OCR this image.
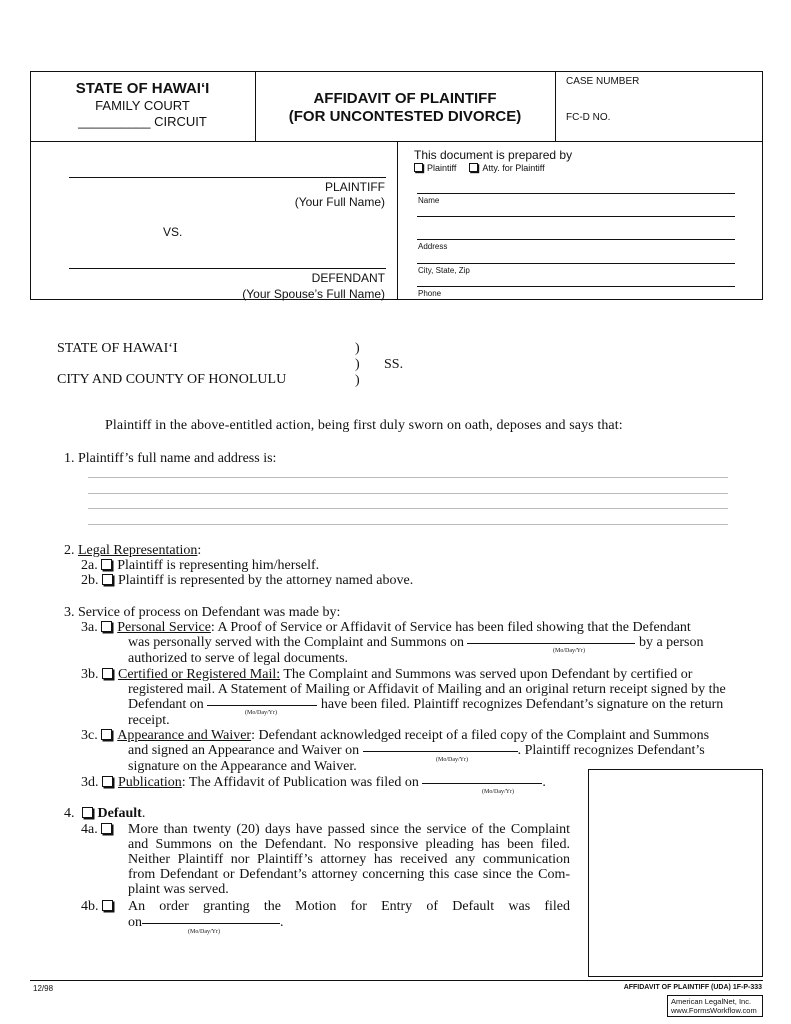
STATE OF HAWAI‘I
FAMILY COURT
__________ CIRCUIT
AFFIDAVIT OF PLAINTIFF
(FOR UNCONTESTED DIVORCE)
CASE NUMBER
FC-D NO.
PLAINTIFF
(Your Full Name)
VS.
DEFENDANT
(Your Spouse’s Full Name)
This document is prepared by
Plaintiff	Atty. for Plaintiff
Name
Address
City, State, Zip
Phone
STATE OF HAWAI‘I
CITY AND COUNTY OF HONOLULU
)
)
)
SS.
Plaintiff in the above-entitled action, being first duly sworn on oath, deposes and says that:
1. Plaintiff’s full name and address is:
2. Legal Representation:
2a. Plaintiff is representing him/herself.
2b. Plaintiff is represented by the attorney named above.
3. Service of process on Defendant was made by:
3a. Personal Service: A Proof of Service or Affidavit of Service has been filed showing that the Defendant
was personally served with the Complaint and Summons on	by a person
(Mo/Day/Yr)
authorized to serve of legal documents.
3b. Certified or Registered Mail: The Complaint and Summons was served upon Defendant by certified or
registered mail. A Statement of Mailing or Affidavit of Mailing and an original return receipt signed by the
Defendant on	have been filed. Plaintiff recognizes Defendant’s signature on the return
(Mo/Day/Yr)
receipt.
3c. Appearance and Waiver: Defendant acknowledged receipt of a filed copy of the Complaint and Summons
and signed an Appearance and Waiver on	. Plaintiff recognizes Defendant’s
(Mo/Day/Yr)
signature on the Appearance and Waiver.
3d. Publication: The Affidavit of Publication was filed on	.
(Mo/Day/Yr)
4. Default.
4a.	More than twenty (20) days have passed since the service of the Complaint
and Summons on the Defendant. No responsive pleading has been filed.
Neither Plaintiff nor Plaintiff’s attorney has received any communication
from Defendant or Defendant’s attorney concerning this case since the Com-
plaint was served.
4b.	An order granting the Motion for Entry of Default was filed
on	.
(Mo/Day/Yr)
12/98	AFFIDAVIT OF PLAINTIFF (UDA) 1F-P-333
American LegalNet, Inc.
www.FormsWorkflow.com
